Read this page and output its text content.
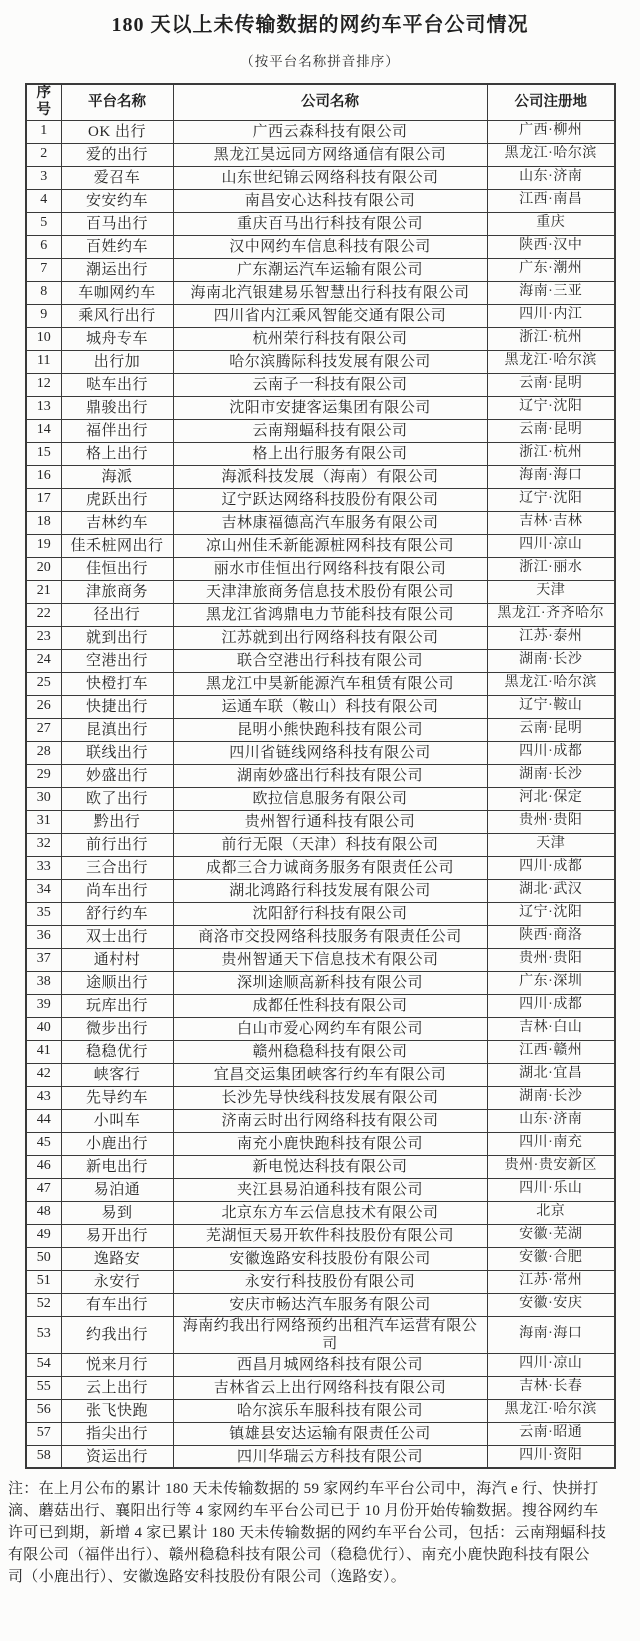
180 天以上未传输数据的网约车平台公司情况
（按平台名称拼音排序）
序号	平台名称	公司名称	公司注册地
1	OK 出行	广西云森科技有限公司	广西·柳州
2	爱的出行	黑龙江昊远同方网络通信有限公司	黑龙江·哈尔滨
3	爱召车	山东世纪锦云网络科技有限公司	山东·济南
4	安安约车	南昌安心达科技有限公司	江西·南昌
5	百马出行	重庆百马出行科技有限公司	重庆
6	百姓约车	汉中网约车信息科技有限公司	陕西·汉中
7	潮运出行	广东潮运汽车运输有限公司	广东·潮州
8	车咖网约车	海南北汽银建易乐智慧出行科技有限公司	海南·三亚
9	乘风行出行	四川省内江乘风智能交通有限公司	四川·内江
10	城舟专车	杭州荣行科技有限公司	浙江·杭州
11	出行加	哈尔滨腾际科技发展有限公司	黑龙江·哈尔滨
12	哒车出行	云南子一科技有限公司	云南·昆明
13	鼎骏出行	沈阳市安捷客运集团有限公司	辽宁·沈阳
14	福伴出行	云南翔蝠科技有限公司	云南·昆明
15	格上出行	格上出行服务有限公司	浙江·杭州
16	海派	海派科技发展（海南）有限公司	海南·海口
17	虎跃出行	辽宁跃达网络科技股份有限公司	辽宁·沈阳
18	吉林约车	吉林康福德高汽车服务有限公司	吉林·吉林
19	佳禾桩网出行	凉山州佳禾新能源桩网科技有限公司	四川·凉山
20	佳恒出行	丽水市佳恒出行网络科技有限公司	浙江·丽水
21	津旅商务	天津津旅商务信息技术股份有限公司	天津
22	径出行	黑龙江省鸿鼎电力节能科技有限公司	黑龙江·齐齐哈尔
23	就到出行	江苏就到出行网络科技有限公司	江苏·泰州
24	空港出行	联合空港出行科技有限公司	湖南·长沙
25	快橙打车	黑龙江中昊新能源汽车租赁有限公司	黑龙江·哈尔滨
26	快捷出行	运通车联（鞍山）科技有限公司	辽宁·鞍山
27	昆滇出行	昆明小熊快跑科技有限公司	云南·昆明
28	联线出行	四川省链线网络科技有限公司	四川·成都
29	妙盛出行	湖南妙盛出行科技有限公司	湖南·长沙
30	欧了出行	欧拉信息服务有限公司	河北·保定
31	黔出行	贵州智行通科技有限公司	贵州·贵阳
32	前行出行	前行无限（天津）科技有限公司	天津
33	三合出行	成都三合力诚商务服务有限责任公司	四川·成都
34	尚车出行	湖北鸿路行科技发展有限公司	湖北·武汉
35	舒行约车	沈阳舒行科技有限公司	辽宁·沈阳
36	双士出行	商洛市交投网络科技服务有限责任公司	陕西·商洛
37	通村村	贵州智通天下信息技术有限公司	贵州·贵阳
38	途顺出行	深圳途顺高新科技有限公司	广东·深圳
39	玩库出行	成都任性科技有限公司	四川·成都
40	微步出行	白山市爱心网约车有限公司	吉林·白山
41	稳稳优行	赣州稳稳科技有限公司	江西·赣州
42	峡客行	宜昌交运集团峡客行约车有限公司	湖北·宜昌
43	先导约车	长沙先导快线科技发展有限公司	湖南·长沙
44	小叫车	济南云时出行网络科技有限公司	山东·济南
45	小鹿出行	南充小鹿快跑科技有限公司	四川·南充
46	新电出行	新电悦达科技有限公司	贵州·贵安新区
47	易泊通	夹江县易泊通科技有限公司	四川·乐山
48	易到	北京东方车云信息技术有限公司	北京
49	易开出行	芜湖恒天易开软件科技股份有限公司	安徽·芜湖
50	逸路安	安徽逸路安科技股份有限公司	安徽·合肥
51	永安行	永安行科技股份有限公司	江苏·常州
52	有车出行	安庆市畅达汽车服务有限公司	安徽·安庆
53	约我出行	海南约我出行网络预约出租汽车运营有限公司	海南·海口
54	悦来月行	西昌月城网络科技有限公司	四川·凉山
55	云上出行	吉林省云上出行网络科技有限公司	吉林·长春
56	张飞快跑	哈尔滨乐车服科技有限公司	黑龙江·哈尔滨
57	指尖出行	镇雄县安达运输有限责任公司	云南·昭通
58	资运出行	四川华瑞云方科技有限公司	四川·资阳
注：在上月公布的累计 180 天未传输数据的 59 家网约车平台公司中，海汽 e 行、快拼打
滴、蘑菇出行、襄阳出行等 4 家网约车平台公司已于 10 月份开始传输数据。搜谷网约车
许可已到期，新增 4 家已累计 180 天未传输数据的网约车平台公司，包括：云南翔蝠科技
有限公司（福伴出行）、赣州稳稳科技有限公司（稳稳优行）、南充小鹿快跑科技有限公
司（小鹿出行）、安徽逸路安科技股份有限公司（逸路安）。
